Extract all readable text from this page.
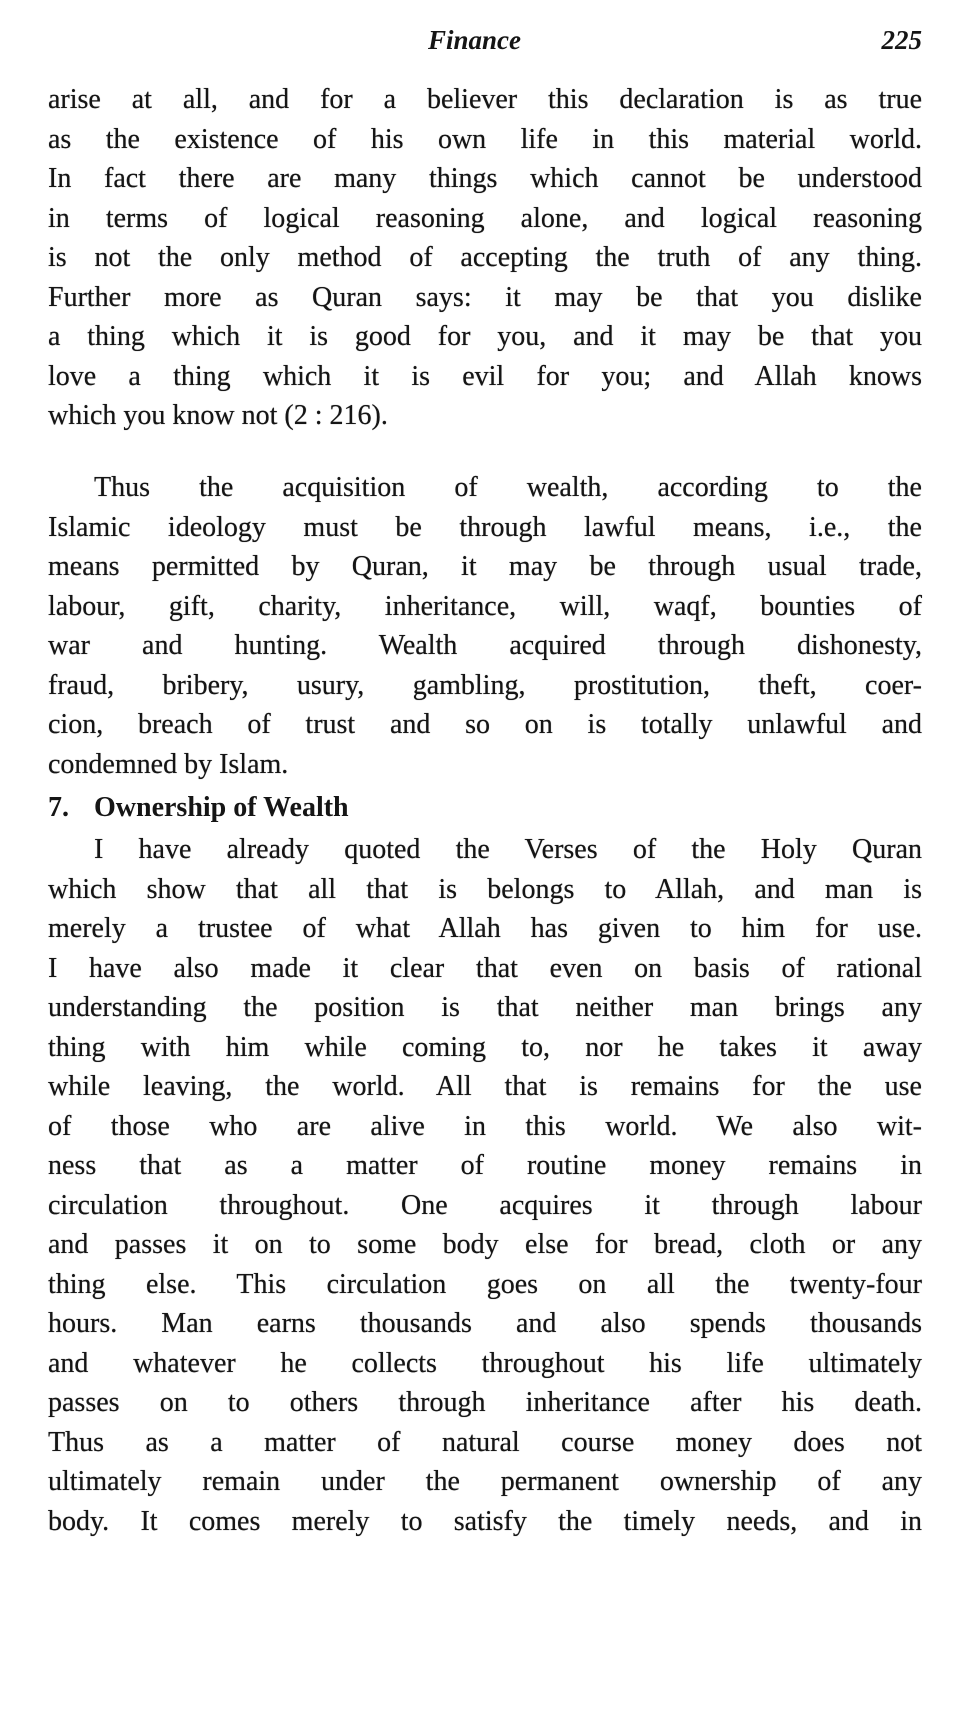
Finance	225
arise at all, and for a believer this declaration is as true
as the existence of his own life in this material world.
In fact there are many things which cannot be understood
in terms of logical reasoning alone, and logical reasoning
is not the only method of accepting the truth of any thing.
Further more as Quran says: it may be that you dislike
a thing which it is good for you, and it may be that you
love a thing which it is evil for you; and Allah knows
which you know not (2 : 216).
Thus the acquisition of wealth, according to the
Islamic ideology must be through lawful means, i.e., the
means permitted by Quran, it may be through usual trade,
labour, gift, charity, inheritance, will, waqf, bounties of
war and hunting. Wealth acquired through dishonesty,
fraud, bribery, usury, gambling, prostitution, theft, coer-
cion, breach of trust and so on is totally unlawful and
condemned by Islam.
7. Ownership of Wealth
I have already quoted the Verses of the Holy Quran
which show that all that is belongs to Allah, and man is
merely a trustee of what Allah has given to him for use.
I have also made it clear that even on basis of rational
understanding the position is that neither man brings any
thing with him while coming to, nor he takes it away
while leaving, the world. All that is remains for the use
of those who are alive in this world. We also wit-
ness that as a matter of routine money remains in
circulation throughout. One acquires it through labour
and passes it on to some body else for bread, cloth or any
thing else. This circulation goes on all the twenty-four
hours. Man earns thousands and also spends thousands
and whatever he collects throughout his life ultimately
passes on to others through inheritance after his death.
Thus as a matter of natural course money does not
ultimately remain under the permanent ownership of any
body. It comes merely to satisfy the timely needs, and in
